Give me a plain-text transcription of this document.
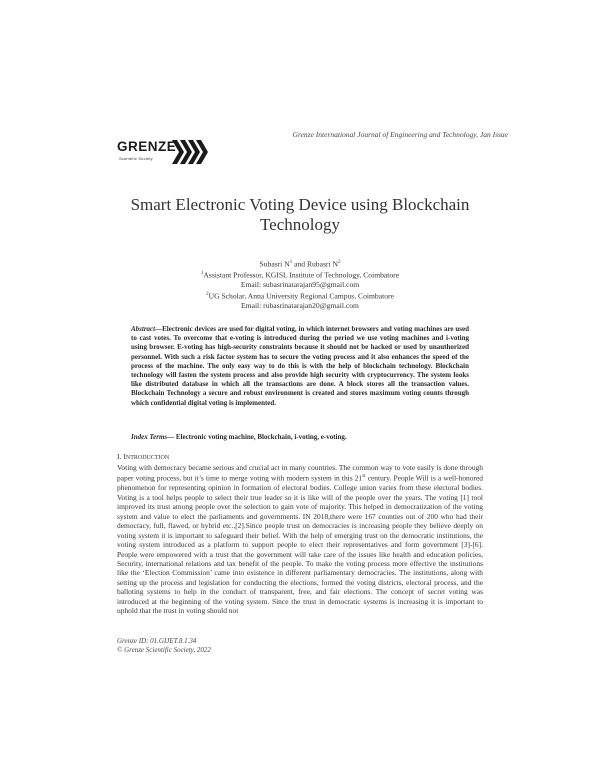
GRENZE
Scientific Society
Grenze International Journal of Engineering and Technology, Jan Issue
Smart Electronic Voting Device using Blockchain
Technology
Subasri $N^1$ and Rubasri $N^2$
$^1$Assistant Professor, KGISL Institute of Technology, Coimbatore
Email: subasrinatarajan95@gmail.com
$^2$UG Scholar, Anna University Regional Campus, Coimbatore
Email: rubasrinatarajan20@gmail.com
Abstract—Electronic devices are used for digital voting, in which internet browsers and voting machines are used to cast votes. To overcome that e-voting is introduced during the period we use voting machines and i-voting using browser. E-voting has high-security constraints because it should not be hacked or used by unauthorized personnel. With such a risk factor system has to secure the voting process and it also enhances the speed of the process of the machine. The only easy way to do this is with the help of blockchain technology. Blockchain technology will fasten the system process and also provide high security with cryptocurrency. The system looks like distributed database in which all the transactions are done. A block stores all the transaction values. Blockchain Technology a secure and robust environment is created and stores maximum voting counts through which confidential digital voting is implemented.
Index Terms— Electronic voting machine, Blockchain, i-voting, e-voting.
I. INTRODUCTION
Voting with democracy became serious and crucial act in many countries. The common way to vote easily is done through paper voting process, but it’s time to merge voting with modern system in this 21st century. People Will is a well-honored phenomenon for representing opinion in formation of electoral bodies. College union varies from these electoral bodies. Voting is a tool helps people to select their true leader so it is like will of the people over the years. The voting [1] tool improved its trust among people over the selection to gain vote of majority. This helped in democratization of the voting system and value to elect the parliaments and governments. IN 2018,there were 167 counties out of 200 who had their democracy, full, flawed, or hybrid etc.,[2].Since people trust on democracies is increasing people they believe deeply on voting system it is important to safeguard their belief. With the help of emerging trust on the democratic institutions, the voting system introduced as a platform to support people to elect their representatives and form government [3]-[6]. People were empowered with a trust that the government will take care of the issues like health and education policies, Security, international relations and tax benefit of the people. To make the voting process more effective the institutions like the ‘Election Commission’ came into existence in different parliamentary democracies. The institutions, along with setting up the process and legislation for conducting the elections, formed the voting districts, electoral process, and the balloting systems to help in the conduct of transparent, free, and fair elections. The concept of secret voting was introduced at the beginning of the voting system. Since the trust in democratic systems is increasing it is important to uphold that the trust in voting should not
Grenze ID: 01.GIJET.8.1.34
© Grenze Scientific Society, 2022
